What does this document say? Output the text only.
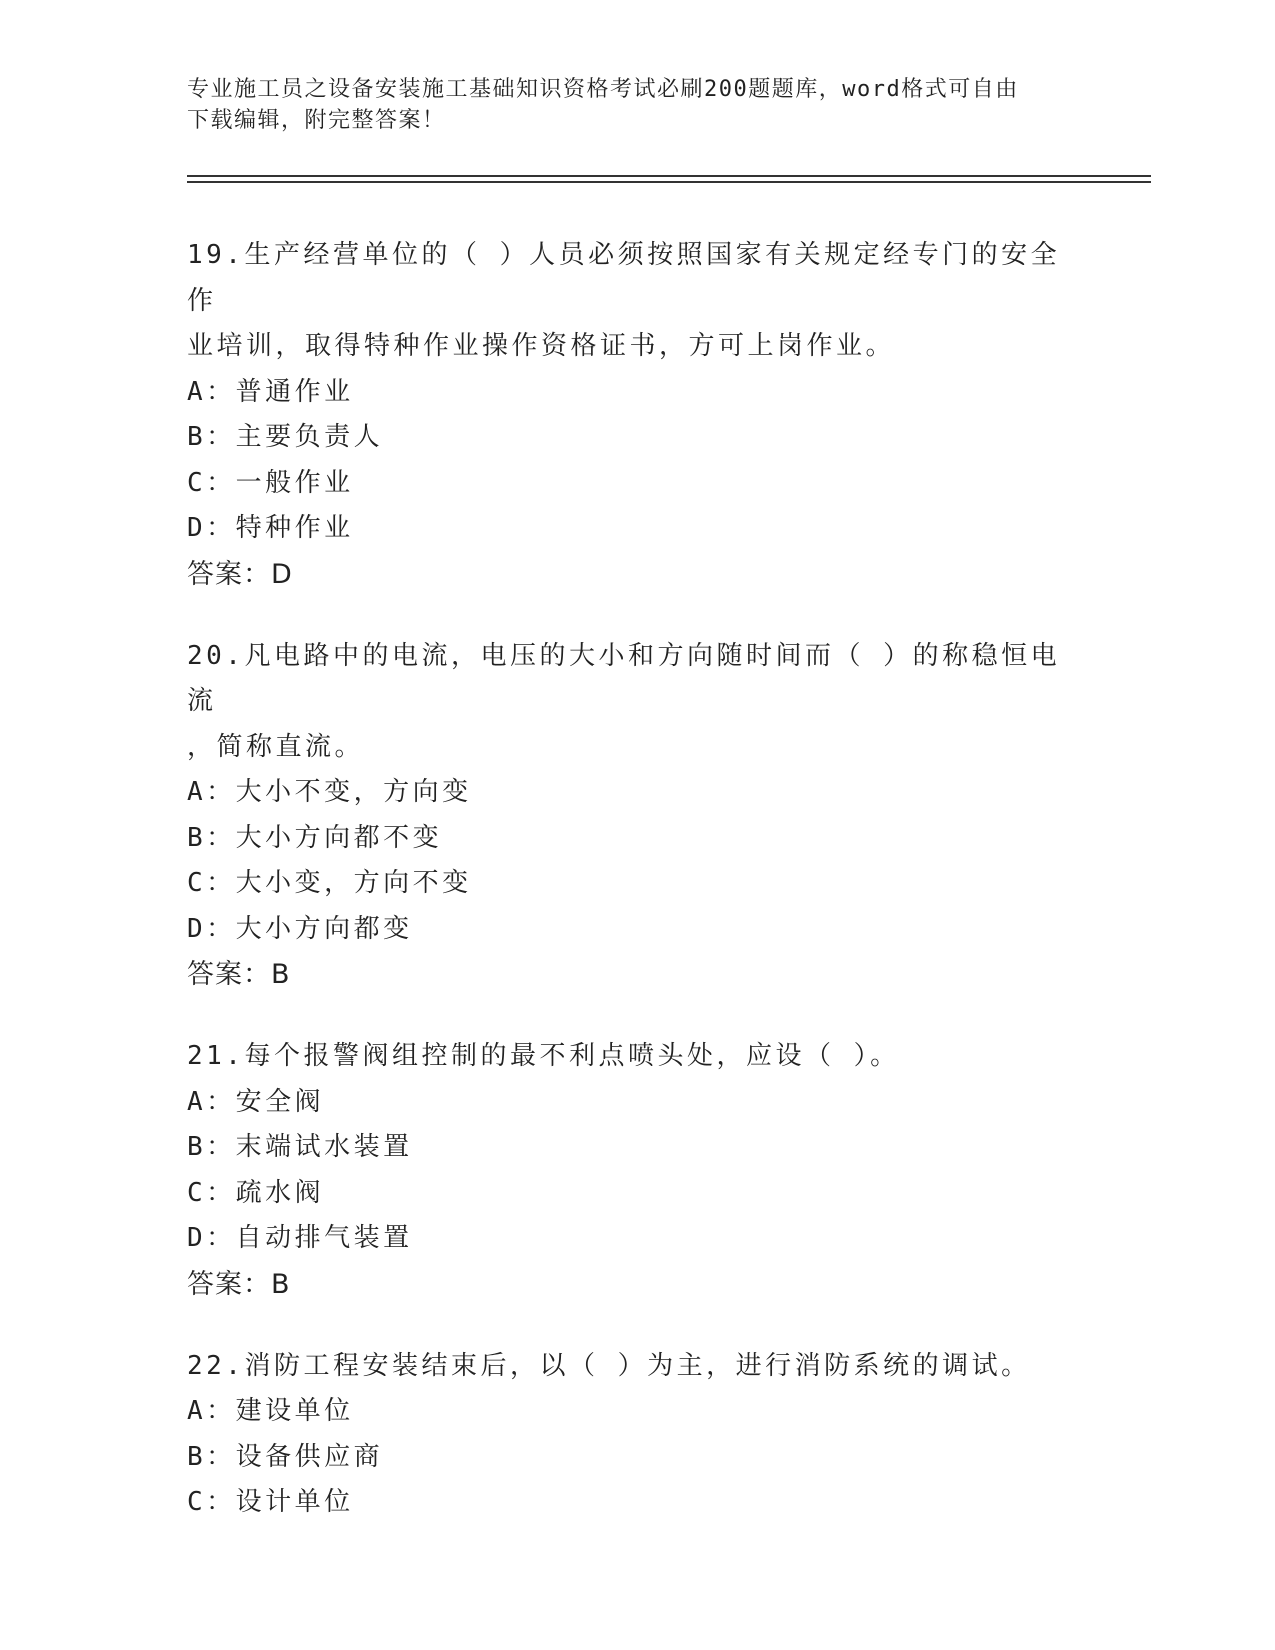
专业施工员之设备安装施工基础知识资格考试必刷200题题库，word格式可自由
下载编辑，附完整答案！
19.生产经营单位的（ ）人员必须按照国家有关规定经专门的安全作
业培训，取得特种作业操作资格证书，方可上岗作业。
A：普通作业
B：主要负责人
C：一般作业
D：特种作业
答案：D
20.凡电路中的电流，电压的大小和方向随时间而（ ）的称稳恒电流
，简称直流。
A：大小不变，方向变
B：大小方向都不变
C：大小变，方向不变
D：大小方向都变
答案：B
21.每个报警阀组控制的最不利点喷头处，应设（ ）。
A：安全阀
B：末端试水装置
C：疏水阀
D：自动排气装置
答案：B
22.消防工程安装结束后，以（ ）为主，进行消防系统的调试。
A：建设单位
B：设备供应商
C：设计单位
